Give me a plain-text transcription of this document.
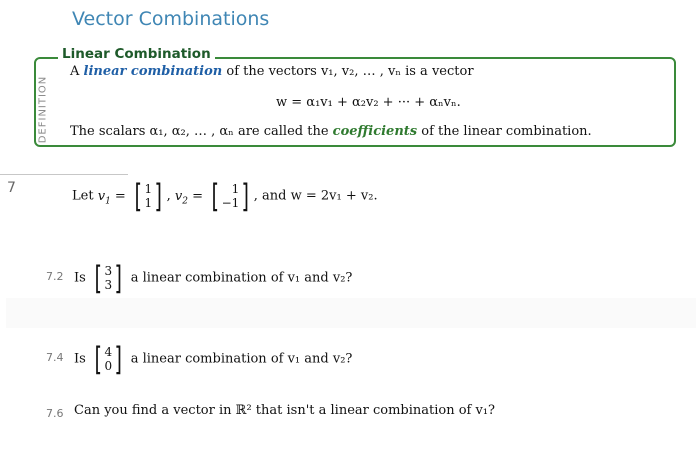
Vector Combinations
Linear Combination
DEFINITION
A linear combination of the vectors v₁, v₂, … , vₙ is a vector
w = α₁v₁ + α₂v₂ + ··· + αₙvₙ.
The scalars α₁, α₂, … , αₙ are called the coefficients of the linear combination.
7	Let $v_1$ = [ 1
1 ] , $v_2$ = [	1
−1 ] , and w = 2v₁ + v₂.
7.2 Is [ 3
3 ] a linear combination of v₁ and v₂?
7.4 Is [ 4
0 ] a linear combination of v₁ and v₂?
7.6 Can you find a vector in ℝ² that isn't a linear combination of v₁?
